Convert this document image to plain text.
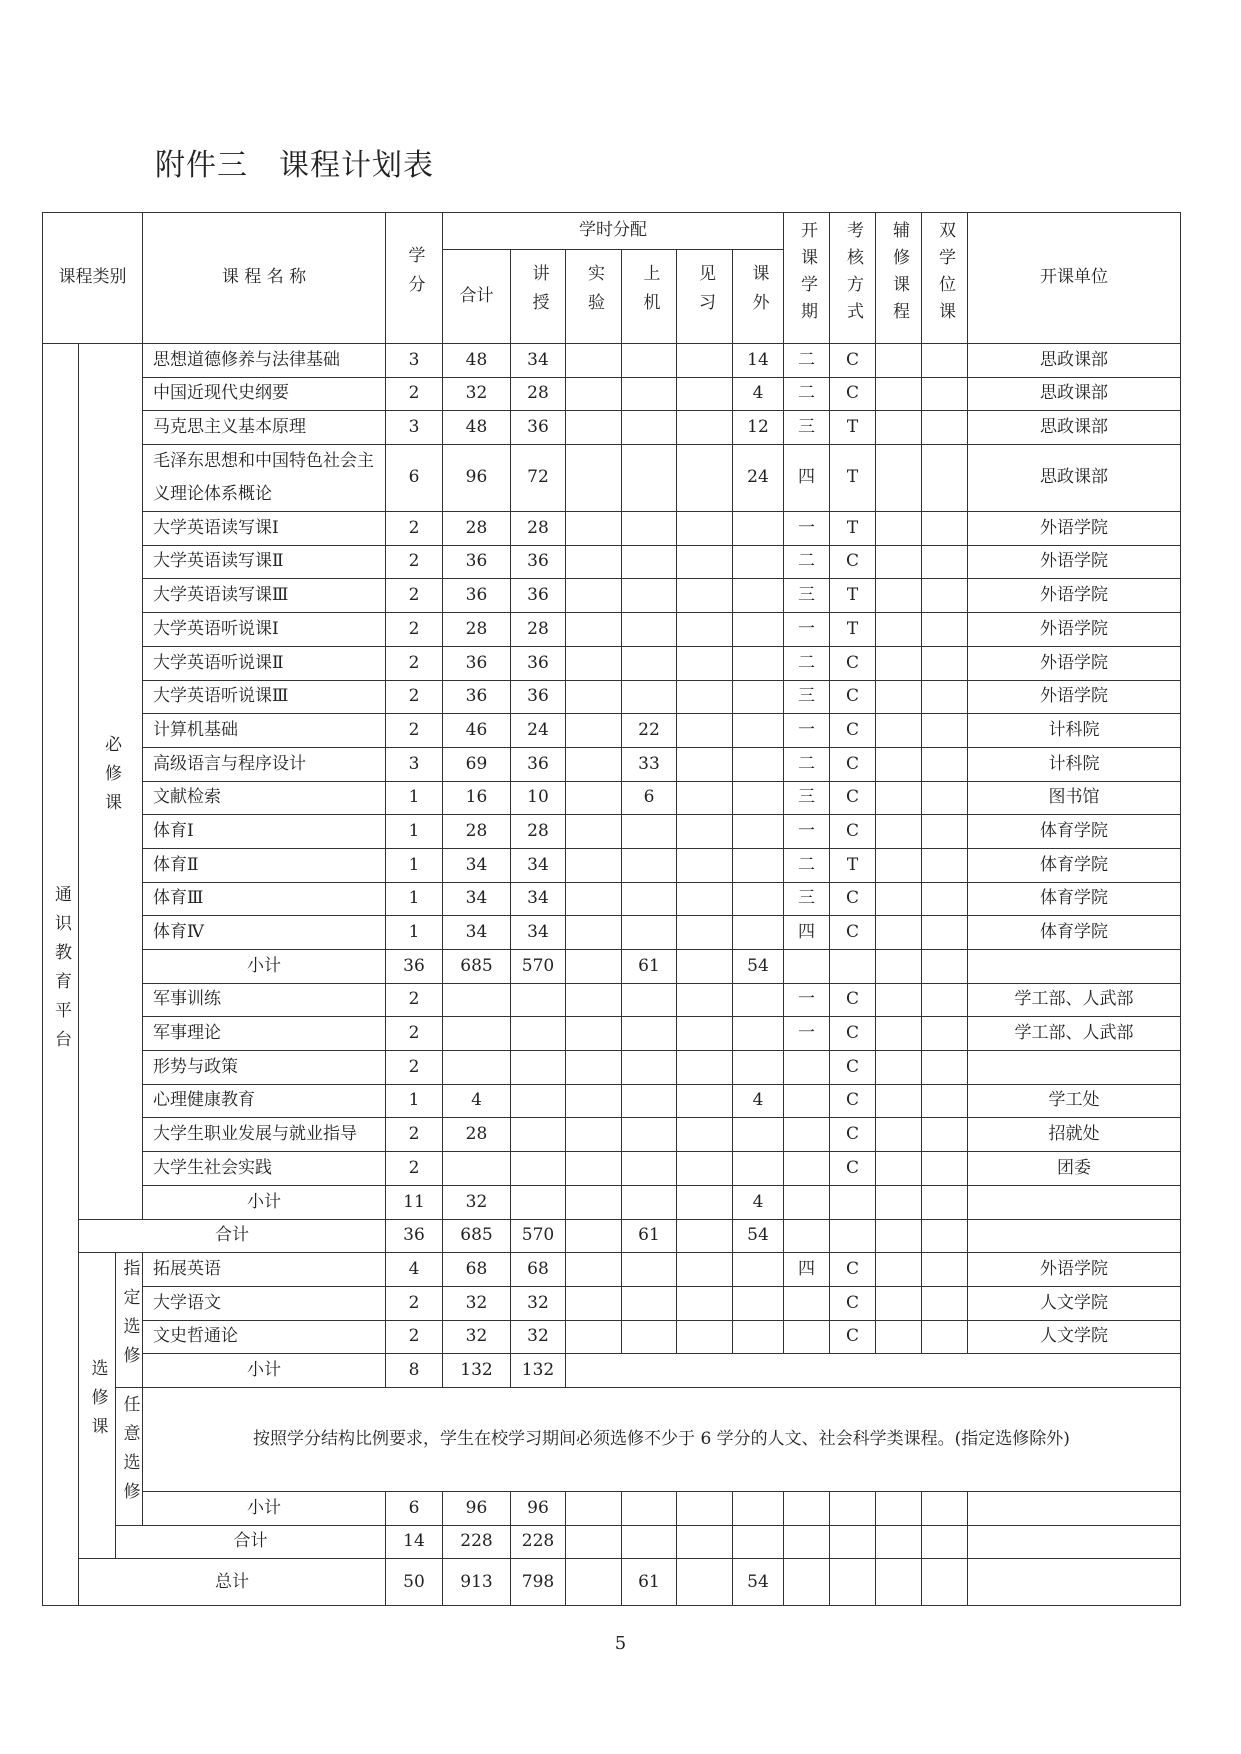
附件三　课程计划表
课程类别			课 程 名 称	学分	学时分配						开课学期	考核方式	辅修课程	双学位课	开课单位
					合计	讲授	实验	上机	见习	课外					
通识教育平台	必修课		思想道德修养与法律基础	3	48	34				14	二	C			思政课部
			中国近现代史纲要	2	32	28				4	二	C			思政课部
			马克思主义基本原理	3	48	36				12	三	T			思政课部
			毛泽东思想和中国特色社会主义理论体系概论	6	96	72				24	四	T			思政课部
			大学英语读写课Ⅰ	2	28	28					一	T			外语学院
			大学英语读写课Ⅱ	2	36	36					二	C			外语学院
			大学英语读写课Ⅲ	2	36	36					三	T			外语学院
			大学英语听说课Ⅰ	2	28	28					一	T			外语学院
			大学英语听说课Ⅱ	2	36	36					二	C			外语学院
			大学英语听说课Ⅲ	2	36	36					三	C			外语学院
			计算机基础	2	46	24		22			一	C			计科院
			高级语言与程序设计	3	69	36		33			二	C			计科院
			文献检索	1	16	10		6			三	C			图书馆
			体育Ⅰ	1	28	28					一	C			体育学院
			体育Ⅱ	1	34	34					二	T			体育学院
			体育Ⅲ	1	34	34					三	C			体育学院
			体育Ⅳ	1	34	34					四	C			体育学院
			小计	36	685	570		61		54					
			军事训练	2							一	C			学工部、人武部
			军事理论	2							一	C			学工部、人武部
			形势与政策	2								C			
			心理健康教育	1	4					4		C			学工处
			大学生职业发展与就业指导	2	28							C			招就处
			大学生社会实践	2								C			团委
			小计	11	32					4					
	合计			36	685	570		61		54					
	选修课	指定选修	拓展英语	4	68	68					四	C			外语学院
			大学语文	2	32	32						C			人文学院
			文史哲通论	2	32	32						C			人文学院
			小计	8	132	132									
		任意选修	按照学分结构比例要求，学生在校学习期间必须选修不少于 6 学分的人文、社会科学类课程。(指定选修除外)												
			小计	6	96	96									
		合计		14	228	228									
	总计			50	913	798		61		54					
5
